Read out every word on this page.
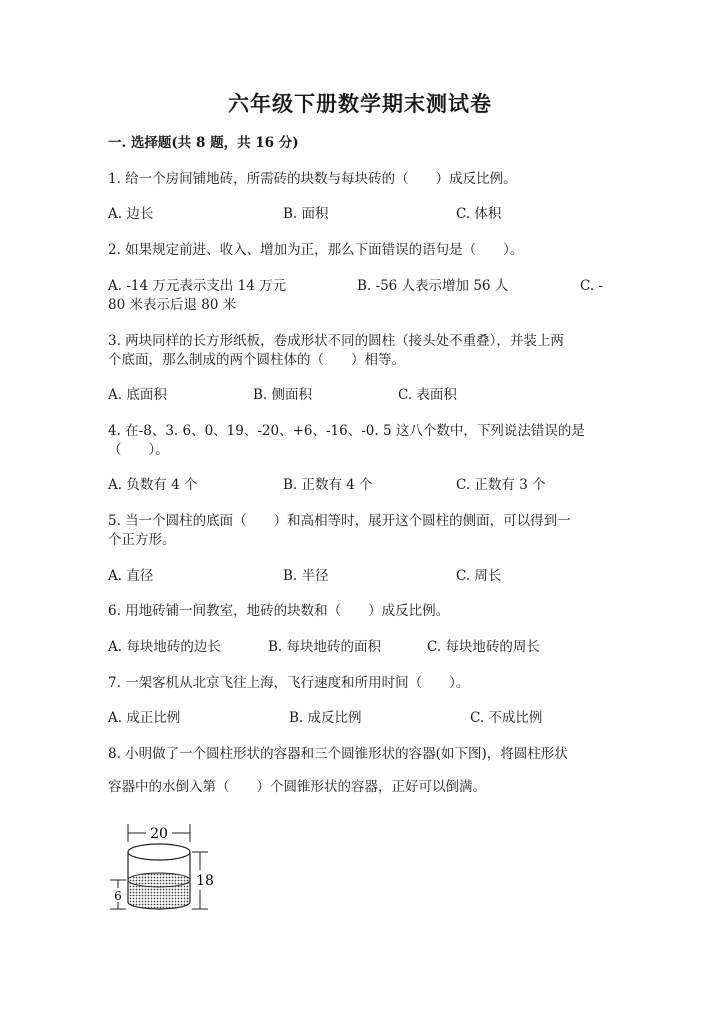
六年级下册数学期末测试卷
一. 选择题(共 8 题，共 16 分)
1. 给一个房间铺地砖，所需砖的块数与每块砖的（　　）成反比例。
A. 边长	B. 面积	C. 体积
2. 如果规定前进、收入、增加为正，那么下面错误的语句是（　　）。
A. -14 万元表示支出 14 万元	B. -56 人表示增加 56 人	C. -
80 米表示后退 80 米
3. 两块同样的长方形纸板，卷成形状不同的圆柱（接头处不重叠），并装上两
个底面，那么制成的两个圆柱体的（　　）相等。
A. 底面积	B. 侧面积	C. 表面积
4. 在-8、3. 6、0、19、-20、+6、-16、-0. 5 这八个数中，下列说法错误的是
（　　）。
A. 负数有 4 个	B. 正数有 4 个	C. 正数有 3 个
5. 当一个圆柱的底面（　　）和高相等时，展开这个圆柱的侧面，可以得到一
个正方形。
A. 直径	B. 半径	C. 周长
6. 用地砖铺一间教室，地砖的块数和（　　）成反比例。
A. 每块地砖的边长	B. 每块地砖的面积	C. 每块地砖的周长
7. 一架客机从北京飞往上海，飞行速度和所用时间（　　）。
A. 成正比例	B. 成反比例	C. 不成比例
8. 小明做了一个圆柱形状的容器和三个圆锥形状的容器(如下图)，将圆柱形状
容器中的水倒入第（　　）个圆锥形状的容器，正好可以倒满。
20
18
6
